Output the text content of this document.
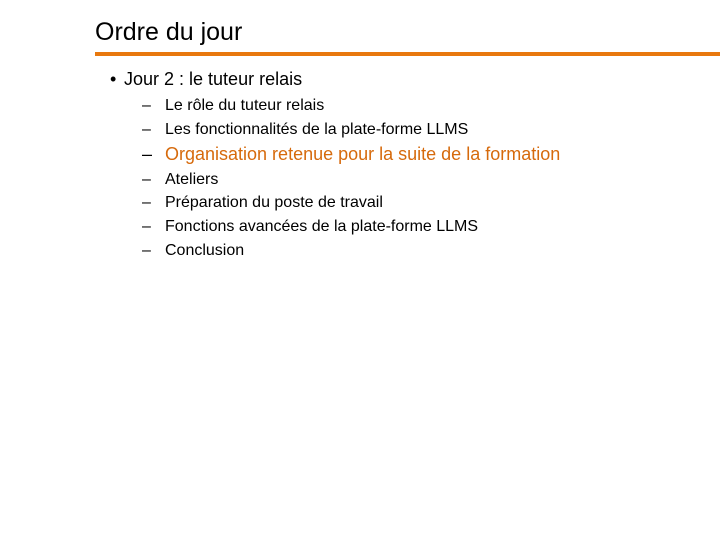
Ordre du jour
• Jour 2 : le tuteur relais
– Le rôle du tuteur relais
– Les fonctionnalités de la plate-forme LLMS
– Organisation retenue pour la suite de la formation
– Ateliers
– Préparation du poste de travail
– Fonctions avancées de la plate-forme LLMS
– Conclusion
